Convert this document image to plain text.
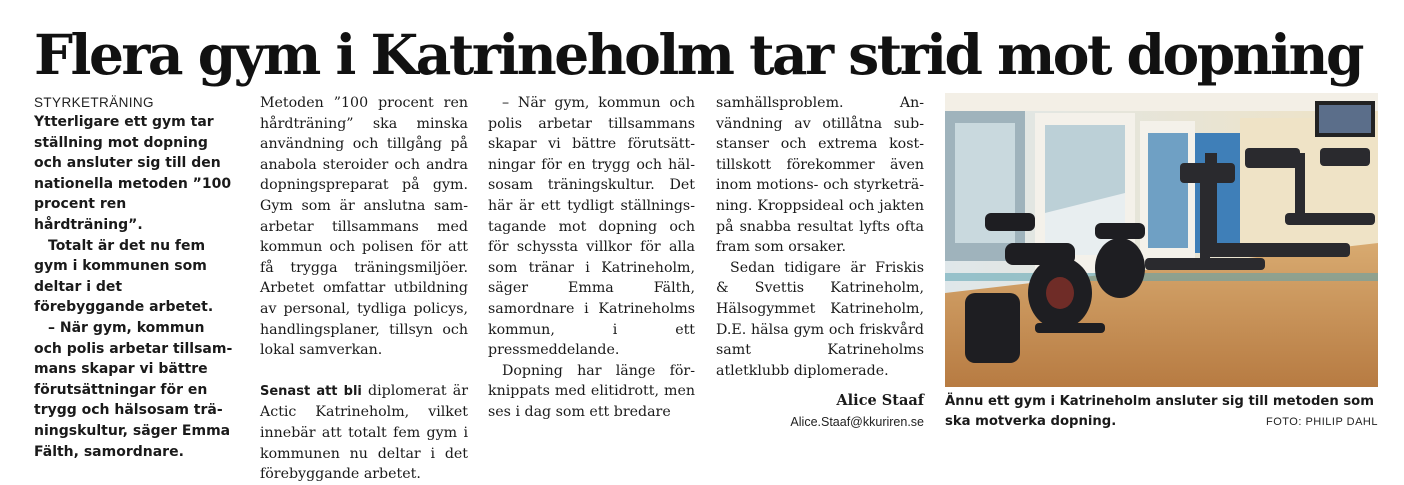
Flera gym i Katrineholm tar strid mot dopning
STYRKETRÄNING

Ytterligare ett gym tar ställning mot dopning och ansluter sig till den nationella metoden ”100 procent ren hårdträning”.

Totalt är det nu fem gym i kommunen som deltar i det förebyggande arbetet.

– När gym, kommun och polis arbetar tillsammans skapar vi bättre förutsättningar för en trygg och hälsosam träningskultur, säger Emma Fälth, samordnare.

Metoden ”100 procent ren hårdträning” ska minska användning och tillgång på anabola steroider och andra dopningspreparat på gym. Gym som är anslutna samarbetar tillsammans med kommun och polisen för att få trygga träningsmiljöer. Arbetet omfattar utbildning av personal, tydliga policys, handlingsplaner, tillsyn och lokal samverkan.

Senast att bli diplomerat är Actic Katrineholm, vilket innebär att totalt fem gym i kommunen nu deltar i det förebyggande arbetet.

– När gym, kommun och polis arbetar tillsammans skapar vi bättre förutsättningar för en trygg och hälsosam träningskultur. Det här är ett tydligt ställningstagande mot dopning och för schyssta villkor för alla som tränar i Katrineholm, säger Emma Fälth, samordnare i Katrineholms kommun, i ett pressmeddelande.

Dopning har länge förknippats med elitidrott, men ses i dag som ett bredare

samhällsproblem. Användning av otillåtna substanser och extrema kosttillskott förekommer även inom motions- och styrketräning. Kroppsideal och jakten på snabba resultat lyfts ofta fram som orsaker.

Sedan tidigare är Friskis & Svettis Katrineholm, Hälsogymmet Katrineholm, D.E. hälsa gym och friskvård samt Katrineholms atletklubb diplomerade.

Alice Staaf

Alice.Staaf@kkuriren.se

Ännu ett gym i Katrineholm ansluter sig till metoden som ska motverka dopning.	FOTO: PHILIP DAHL
